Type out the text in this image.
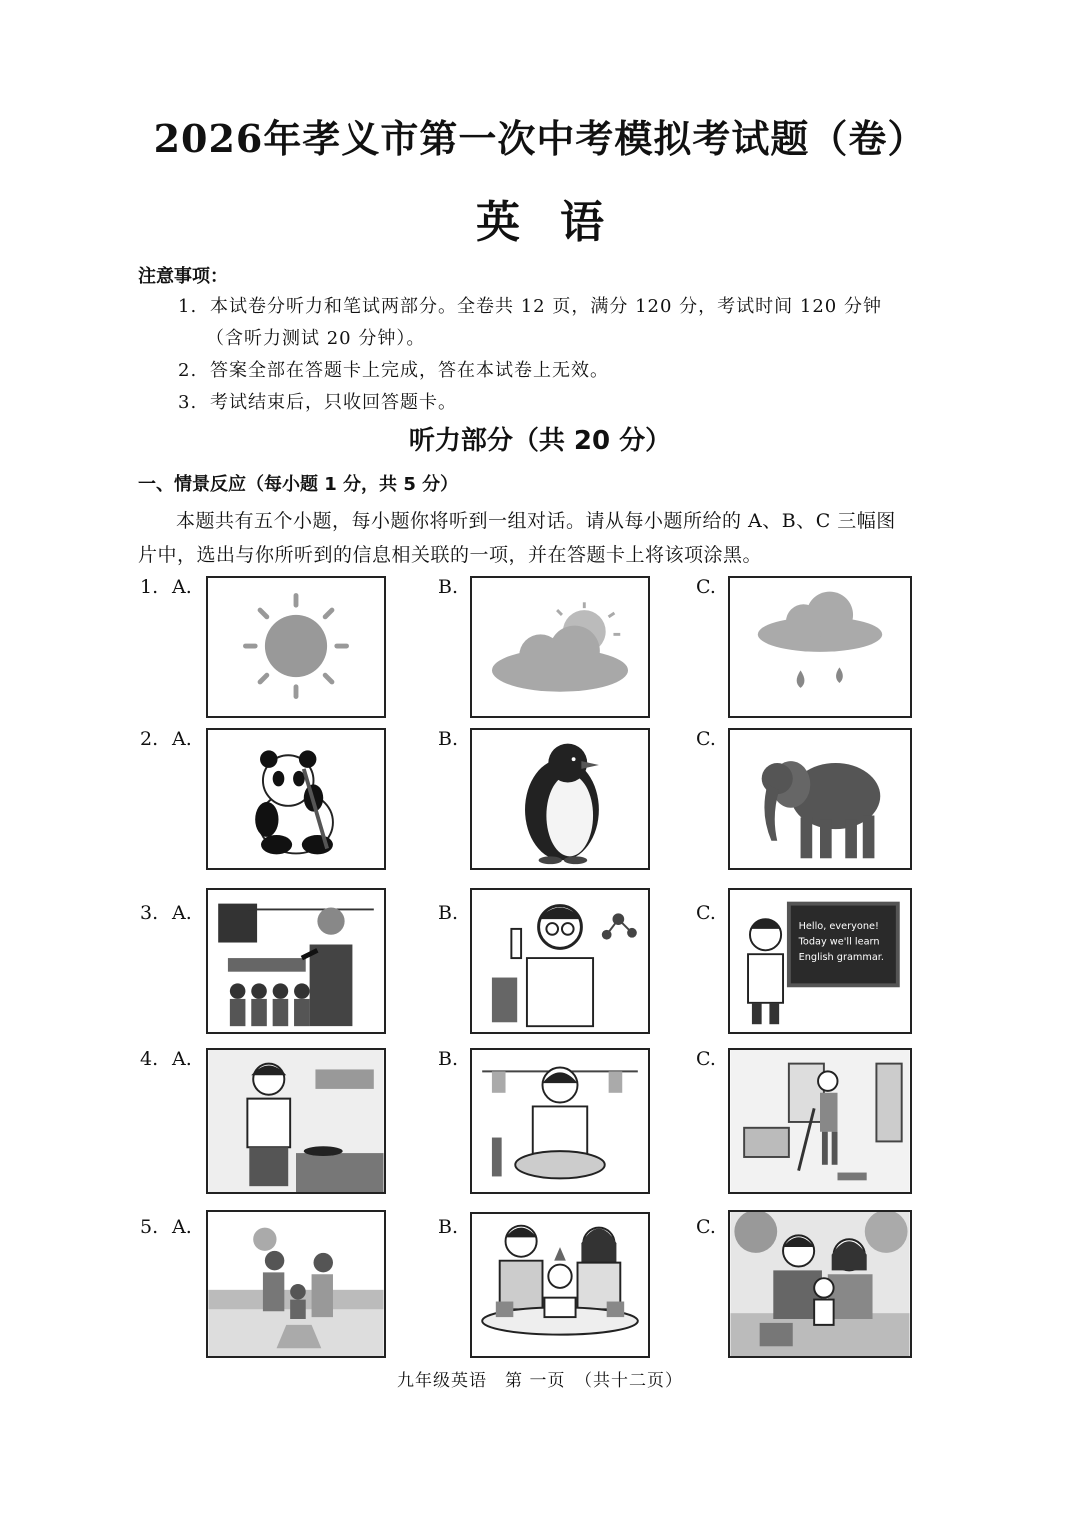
2026年孝义市第一次中考模拟考试题（卷）
英语
注意事项：
1. 本试卷分听力和笔试两部分。全卷共 12 页，满分 120 分，考试时间 120 分钟
（含听力测试 20 分钟）。
2. 答案全部在答题卡上完成，答在本试卷上无效。
3. 考试结束后，只收回答题卡。
听力部分（共 20 分）
一、情景反应（每小题 1 分，共 5 分）
本题共有五个小题，每小题你将听到一组对话。请从每小题所给的 A、B、C 三幅图
片中，选出与你所听到的信息相关联的一项，并在答题卡上将该项涂黑。
1. A.	B.	C.
2. A.	B.	C.
3. A.	B.	C.
Hello, everyone!
Today we'll learn
English grammar.
4. A.	B.	C.
5. A.	B.	C.
九年级英语　第 一页　（共十二页）
